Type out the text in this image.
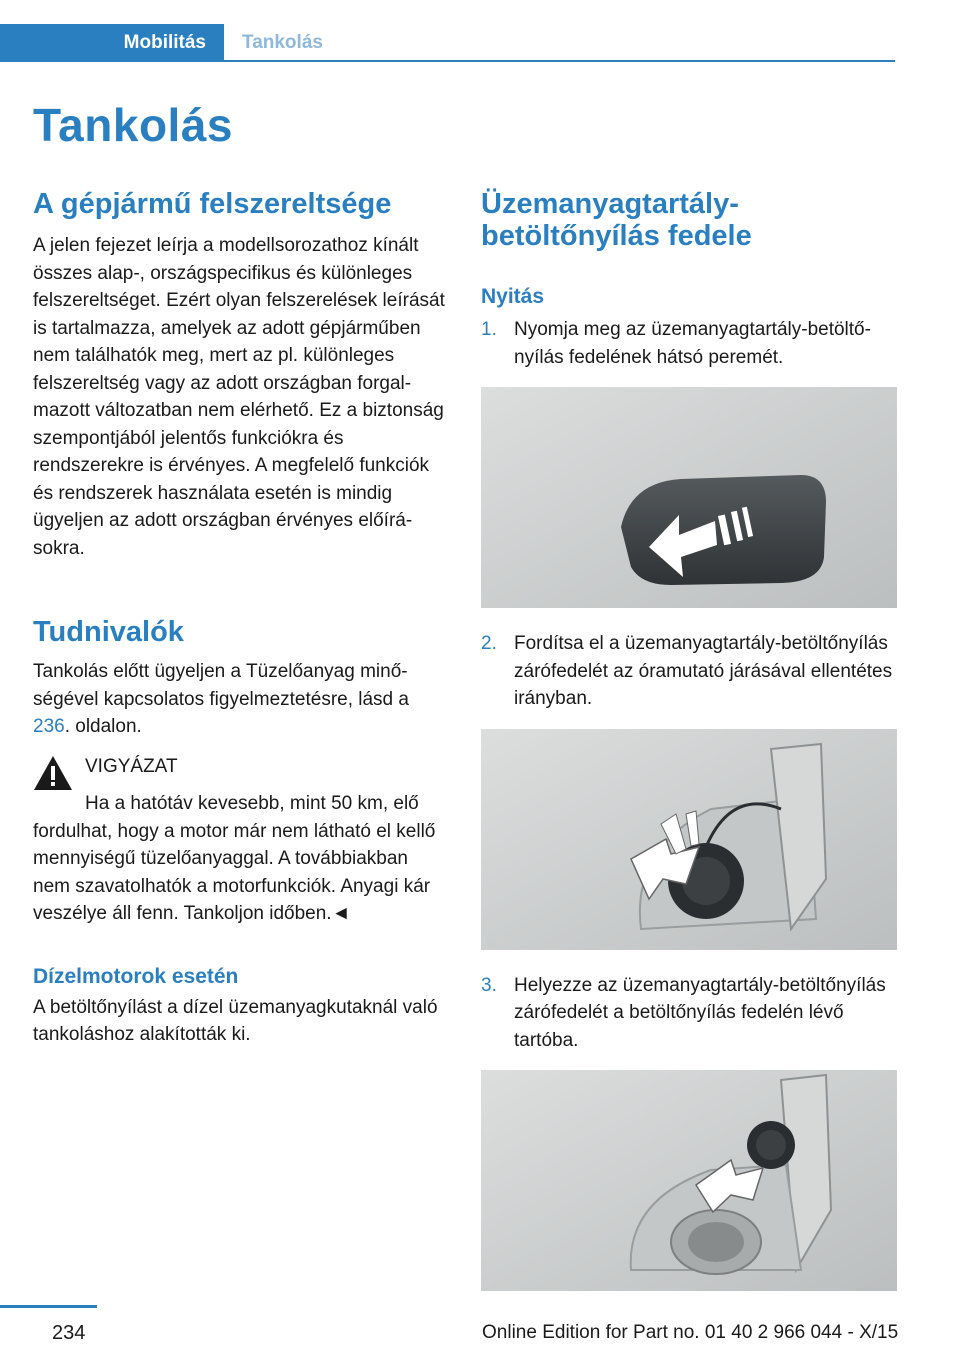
Mobilitás	Tankolás
Tankolás
A gépjármű felszereltsége

A jelen fejezet leírja a modellsorozathoz kínált összes alap-, országspecifikus és különleges felszereltséget. Ezért olyan felszerelések leírását is tartalmazza, amelyek az adott gépjárműben nem találhatók meg, mert az pl. különleges felszereltség vagy az adott országban forgalmazott változatban nem elérhető. Ez a biztonság szempontjából jelentős funkciókra és rendszerekre is érvényes. A megfelelő funkciók és rendszerek használata esetén is mindig ügyeljen az adott országban érvényes előírásokra.

Tudnivalók

Tankolás előtt ügyeljen a Tüzelőanyag minőségével kapcsolatos figyelmeztetésre, lásd a 236. oldalon.

VIGYÁZAT

Ha a hatótáv kevesebb, mint 50 km, elő

fordulhat, hogy a motor már nem látható el kellő mennyiségű tüzelőanyaggal. A továbbiakban nem szavatolhatók a motorfunkciók. Anyagi kár veszélye áll fenn. Tankoljon időben.◄

Dízelmotorok esetén

A betöltőnyílást a dízel üzemanyagkutaknál való tankoláshoz alakították ki.

Üzemanyagtartály-betöltőnyílás fedele
Nyitás
1. Nyomja meg az üzemanyagtartály-betöltőnyílás fedelének hátsó peremét.
2. Fordítsa el a üzemanyagtartály-betöltőnyílás zárófedelét az óramutató járásával ellentétes irányban.
3. Helyezze az üzemanyagtartály-betöltőnyílás zárófedelét a betöltőnyílás fedelén lévő tartóba.
234	Online Edition for Part no. 01 40 2 966 044 - X/15
